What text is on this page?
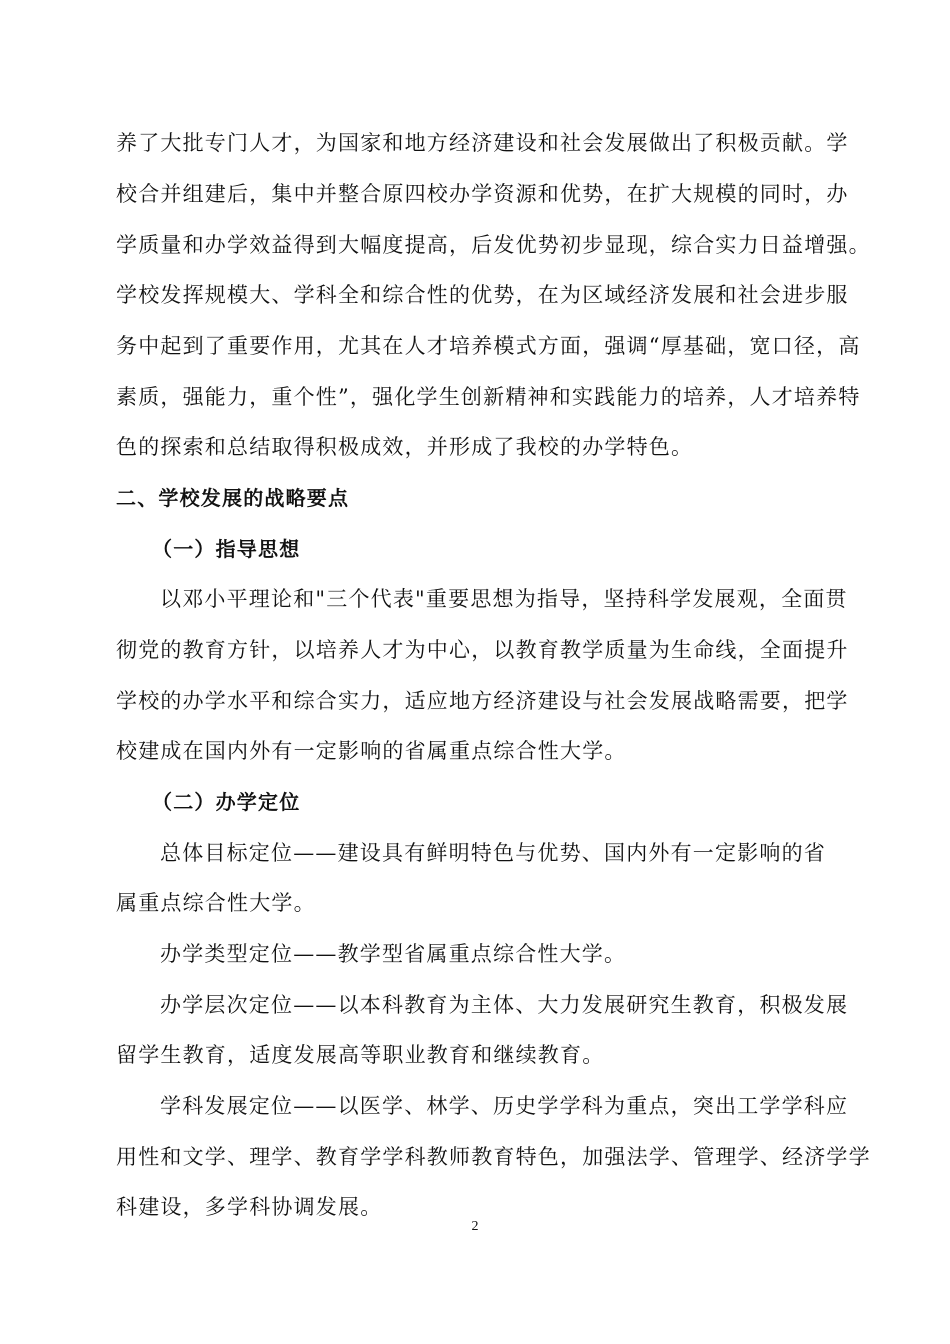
养了大批专门人才，为国家和地方经济建设和社会发展做出了积极贡献。学
校合并组建后，集中并整合原四校办学资源和优势，在扩大规模的同时，办
学质量和办学效益得到大幅度提高，后发优势初步显现，综合实力日益增强。
学校发挥规模大、学科全和综合性的优势，在为区域经济发展和社会进步服
务中起到了重要作用，尤其在人才培养模式方面，强调“厚基础，宽口径，高
素质，强能力，重个性”，强化学生创新精神和实践能力的培养，人才培养特
色的探索和总结取得积极成效，并形成了我校的办学特色。
二、学校发展的战略要点
（一）指导思想
以邓小平理论和"三个代表"重要思想为指导，坚持科学发展观，全面贯
彻党的教育方针，以培养人才为中心，以教育教学质量为生命线，全面提升
学校的办学水平和综合实力，适应地方经济建设与社会发展战略需要，把学
校建成在国内外有一定影响的省属重点综合性大学。
（二）办学定位
总体目标定位——建设具有鲜明特色与优势、国内外有一定影响的省
属重点综合性大学。
办学类型定位——教学型省属重点综合性大学。
办学层次定位——以本科教育为主体、大力发展研究生教育，积极发展
留学生教育，适度发展高等职业教育和继续教育。
学科发展定位——以医学、林学、历史学学科为重点，突出工学学科应
用性和文学、理学、教育学学科教师教育特色，加强法学、管理学、经济学学
科建设，多学科协调发展。
2
